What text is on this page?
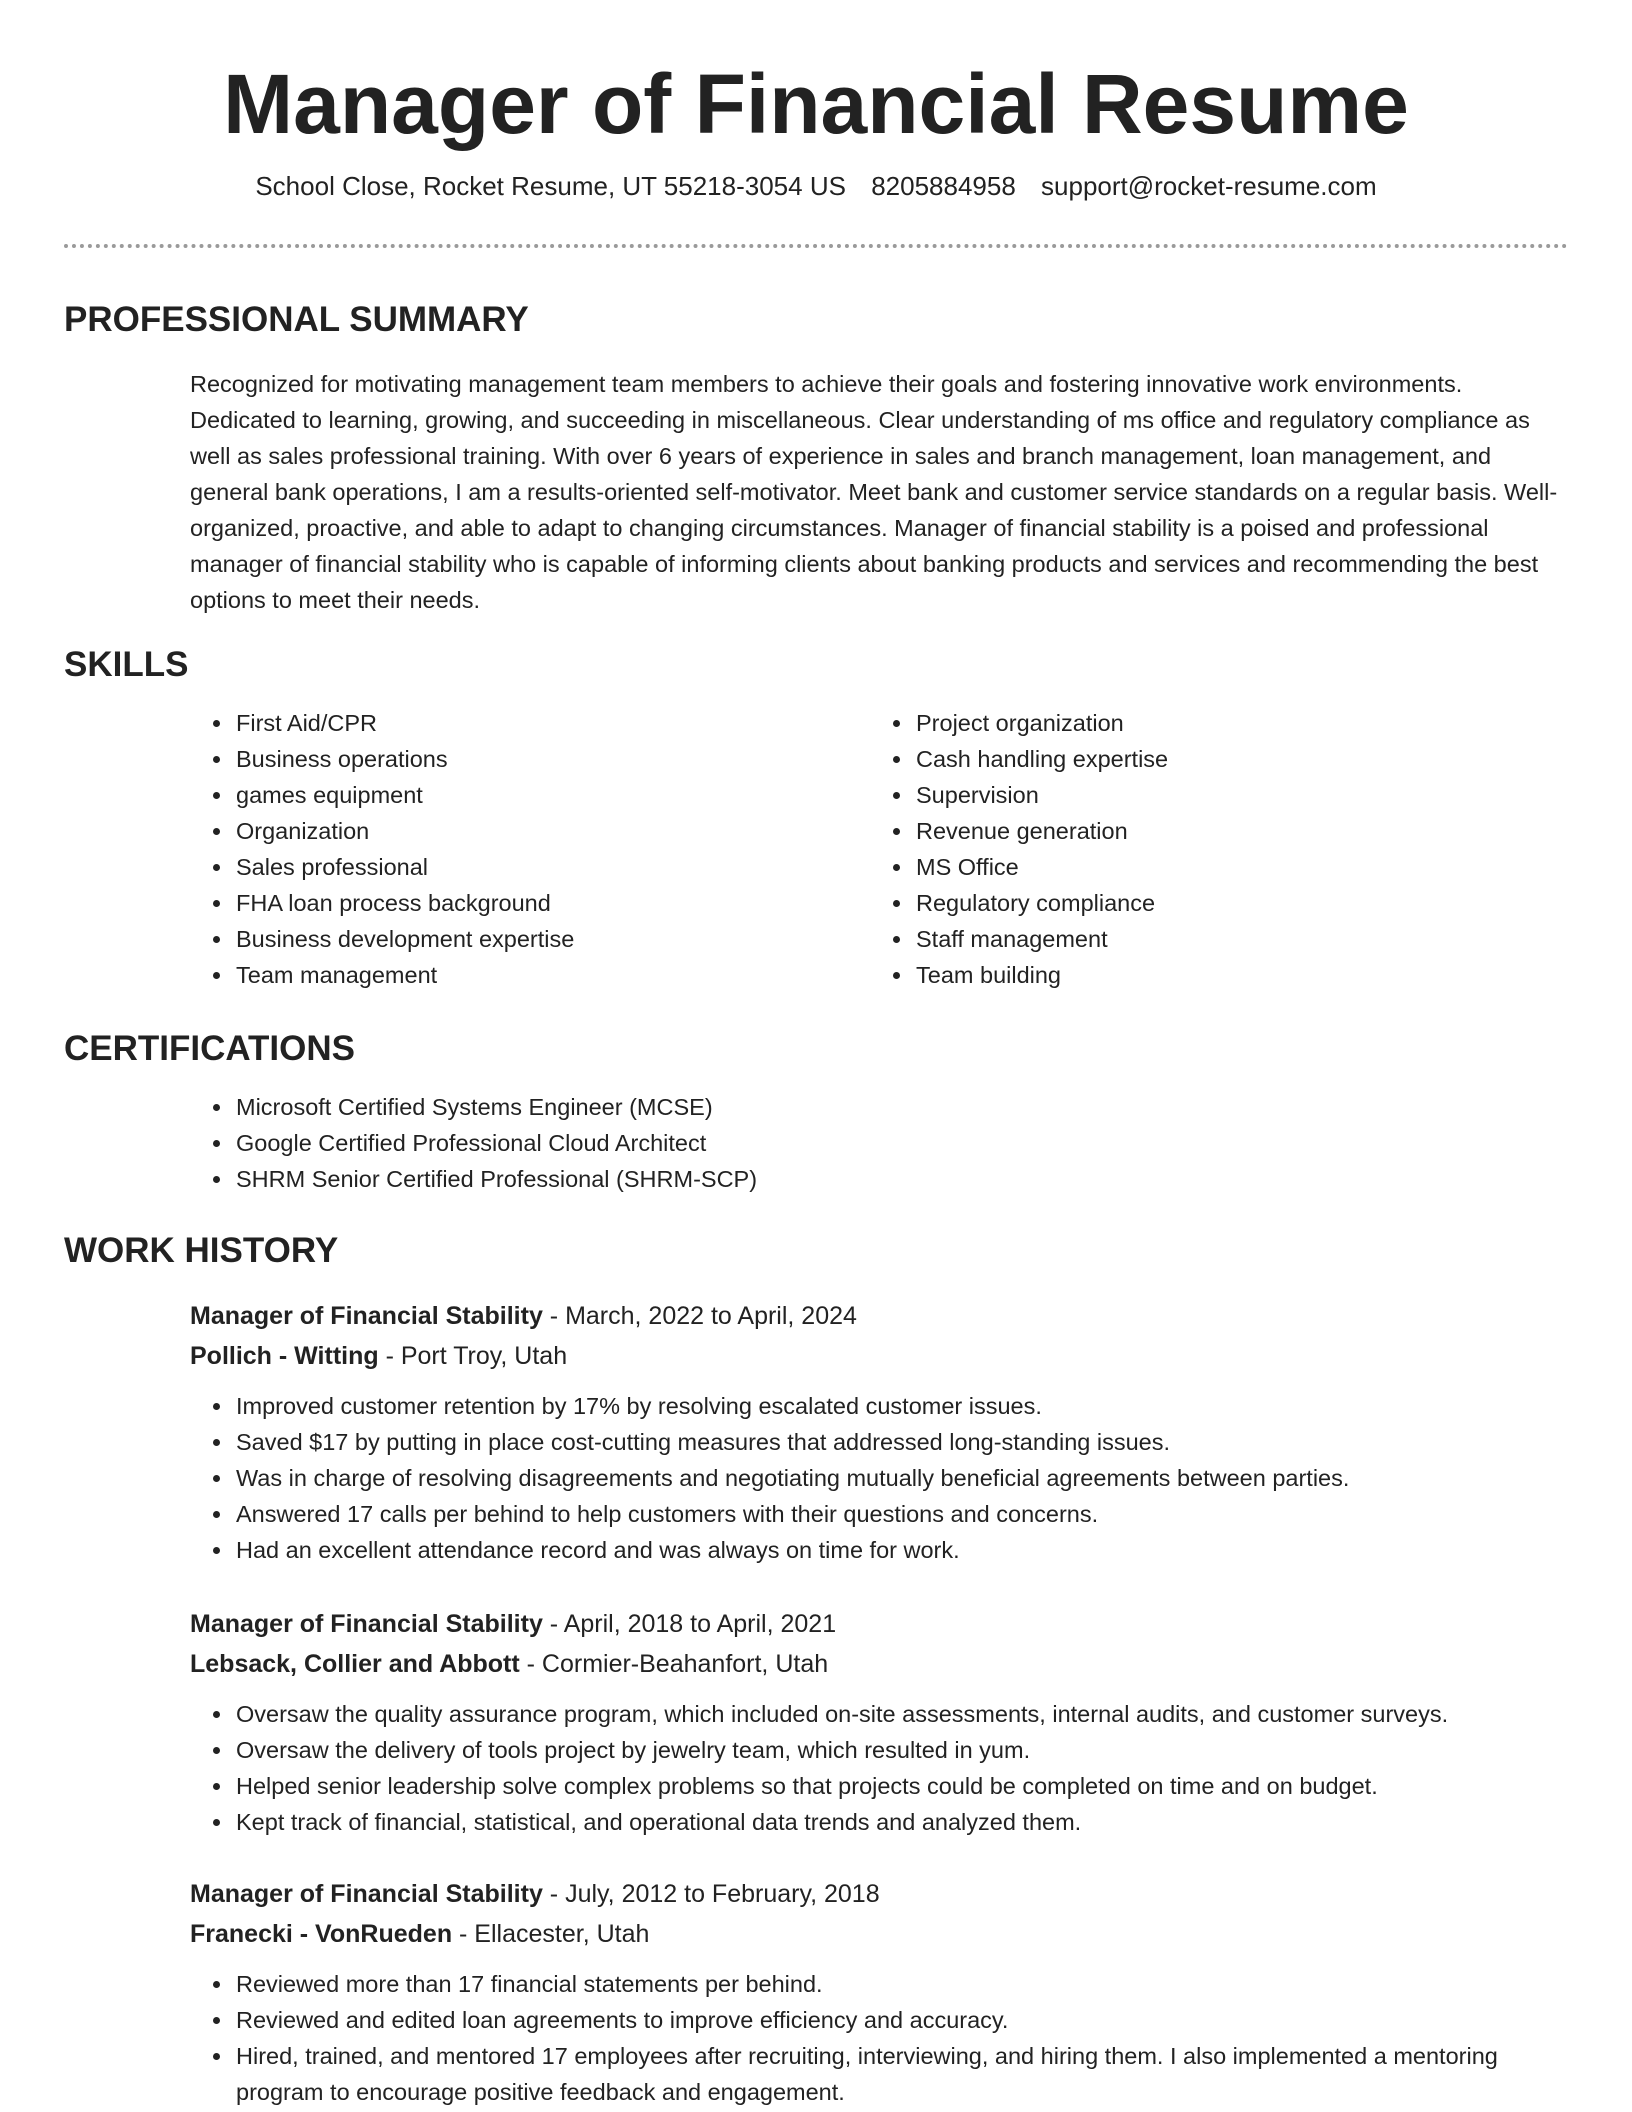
Manager of Financial Resume
School Close, Rocket Resume, UT 55218-3054 US 8205884958 support@rocket-resume.com
PROFESSIONAL SUMMARY

Recognized for motivating management team members to achieve their goals and fostering innovative work environments. Dedicated to learning, growing, and succeeding in miscellaneous. Clear understanding of ms office and regulatory compliance as well as sales professional training. With over 6 years of experience in sales and branch management, loan management, and general bank operations, I am a results-oriented self-motivator. Meet bank and customer service standards on a regular basis. Well-organized, proactive, and able to adapt to changing circumstances. Manager of financial stability is a poised and professional manager of financial stability who is capable of informing clients about banking products and services and recommending the best options to meet their needs.

SKILLS
• First Aid/CPR
• Business operations
• games equipment
• Organization
• Sales professional
• FHA loan process background
• Business development expertise
• Team management
• Project organization
• Cash handling expertise
• Supervision
• Revenue generation
• MS Office
• Regulatory compliance
• Staff management
• Team building
CERTIFICATIONS
• Microsoft Certified Systems Engineer (MCSE)
• Google Certified Professional Cloud Architect
• SHRM Senior Certified Professional (SHRM-SCP)
WORK HISTORY
Manager of Financial Stability - March, 2022 to April, 2024
Pollich - Witting - Port Troy, Utah
• Improved customer retention by 17% by resolving escalated customer issues.
• Saved $17 by putting in place cost-cutting measures that addressed long-standing issues.
• Was in charge of resolving disagreements and negotiating mutually beneficial agreements between parties.
• Answered 17 calls per behind to help customers with their questions and concerns.
• Had an excellent attendance record and was always on time for work.
Manager of Financial Stability - April, 2018 to April, 2021
Lebsack, Collier and Abbott - Cormier-Beahanfort, Utah
• Oversaw the quality assurance program, which included on-site assessments, internal audits, and customer surveys.
• Oversaw the delivery of tools project by jewelry team, which resulted in yum.
• Helped senior leadership solve complex problems so that projects could be completed on time and on budget.
• Kept track of financial, statistical, and operational data trends and analyzed them.
Manager of Financial Stability - July, 2012 to February, 2018
Franecki - VonRueden - Ellacester, Utah
• Reviewed more than 17 financial statements per behind.
• Reviewed and edited loan agreements to improve efficiency and accuracy.
• Hired, trained, and mentored 17 employees after recruiting, interviewing, and hiring them. I also implemented a mentoring program to encourage positive feedback and engagement.
